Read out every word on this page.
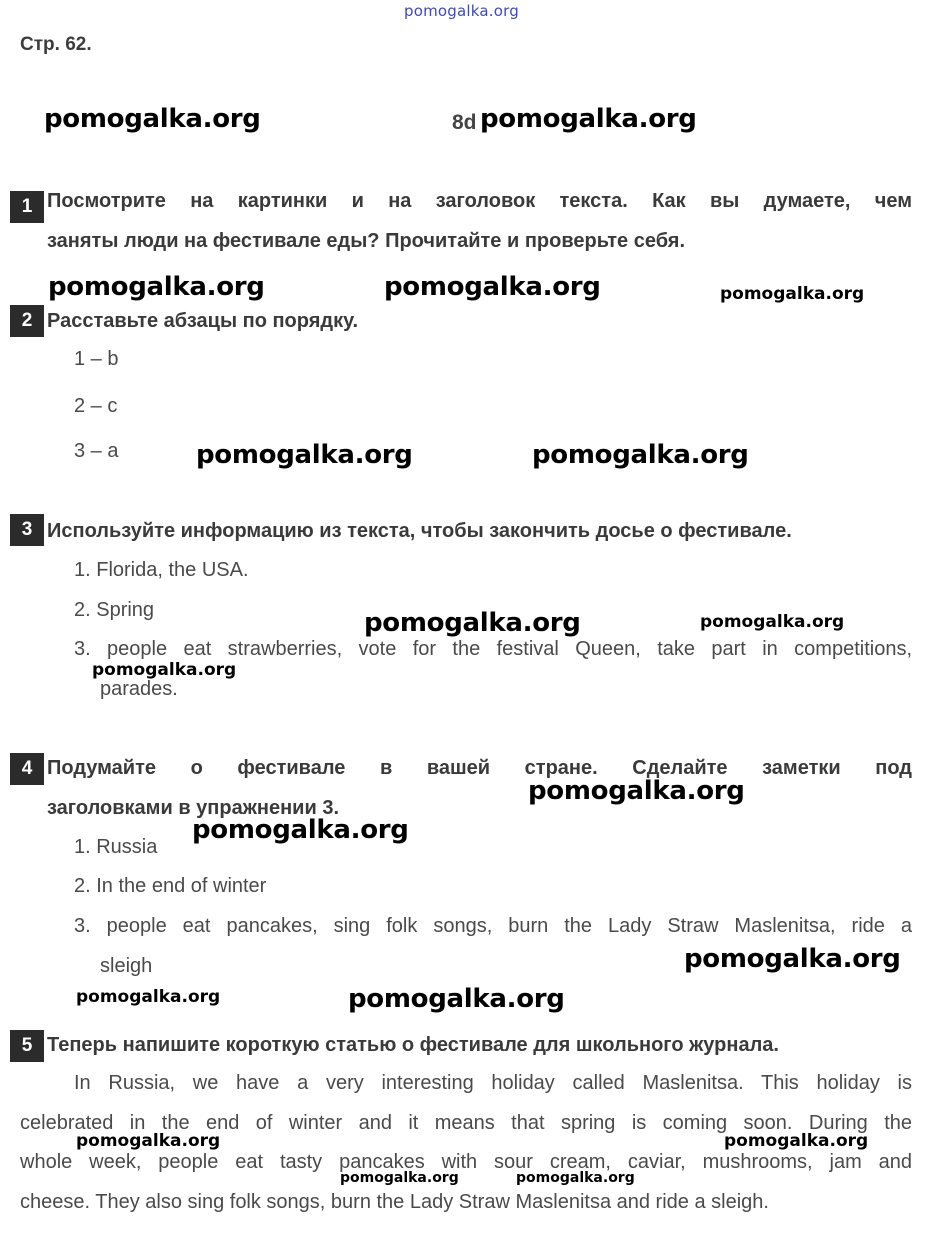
pomogalka.org
Стр. 62.
pomogalka.org	8d pomogalka.org
1 Посмотрите на картинки и на заголовок текста. Как вы думаете, чем
заняты люди на фестивале еды? Прочитайте и проверьте себя.
pomogalka.org	pomogalka.org	pomogalka.org
2 Расставьте абзацы по порядку.
1 – b
2 – c
3 – a	pomogalka.org	pomogalka.org
3 Используйте информацию из текста, чтобы закончить досье о фестивале.
1. Florida, the USA.
2. Spring
3. people eat strawberries, vote for the festival Queen, take part in competitions,
parades.
pomogalka.org	pomogalka.org
pomogalka.org
4 Подумайте о фестивале в вашей стране. Сделайте заметки под
заголовками в упражнении 3.
pomogalka.org
pomogalka.org
1. Russia
2. In the end of winter
3. people eat pancakes, sing folk songs, burn the Lady Straw Maslenitsa, ride a
sleigh	pomogalka.org
pomogalka.org	pomogalka.org
5 Теперь напишите короткую статью о фестивале для школьного журнала.
In Russia, we have a very interesting holiday called Maslenitsa. This holiday is
celebrated in the end of winter and it means that spring is coming soon. During the
whole week, people eat tasty pancakes with sour cream, caviar, mushrooms, jam and
cheese. They also sing folk songs, burn the Lady Straw Maslenitsa and ride a sleigh.
pomogalka.org	pomogalka.org
pomogalka.org	pomogalka.org
